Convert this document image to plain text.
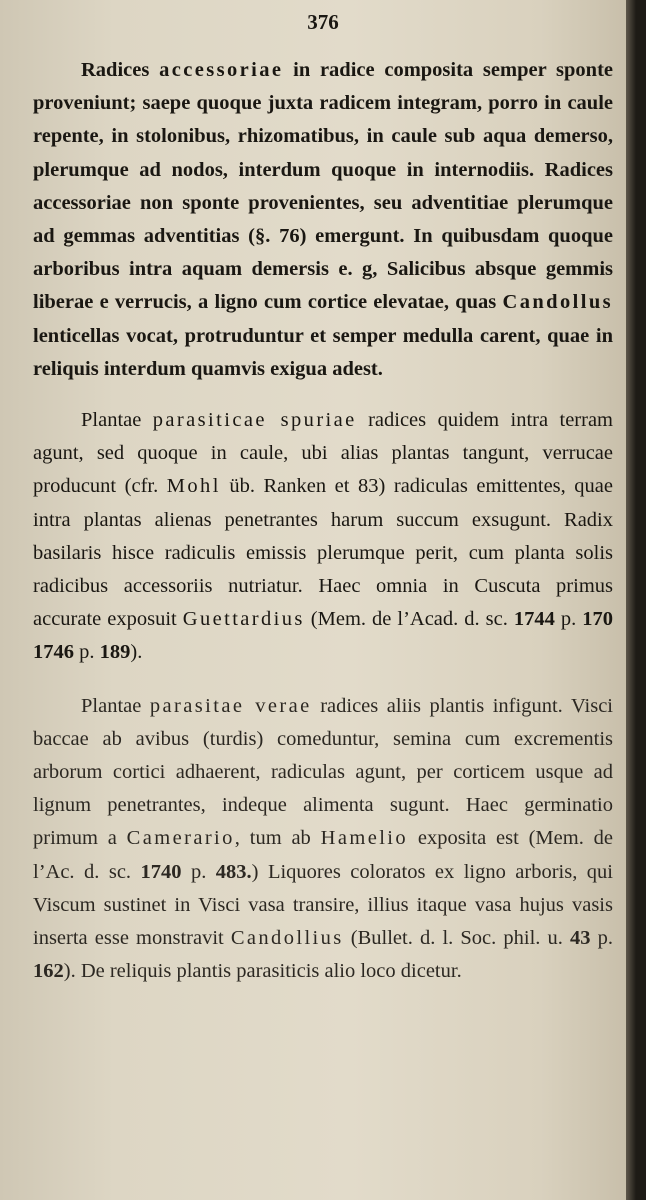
376

Radices accessoriae in radice composita semper sponte proveniunt; saepe quoque juxta radicem integram, porro in caule repente, in stolonibus, rhizomatibus, in caule sub aqua demerso, plerumque ad nodos, interdum quoque in internodiis. Radices accessoriae non sponte provenientes, seu adventitiae plerumque ad gemmas adventitias (§. 76) emergunt. In quibusdam quoque arboribus intra aquam demersis e. g, Salicibus absque gemmis liberae e verrucis, a ligno cum cortice elevatae, quas Candollus lenticellas vocat, protruduntur et semper medulla carent, quae in reliquis interdum quamvis exigua adest.

Plantae parasiticae spuriae radices quidem intra terram agunt, sed quoque in caule, ubi alias plantas tangunt, verrucae producunt (cfr. Mohl üb. Ranken et 83) radiculas emittentes, quae intra plantas alienas penetrantes harum succum exsugunt. Radix basilaris hisce radiculis emissis plerumque perit, cum planta solis radicibus accessoriis nutriatur. Haec omnia in Cuscuta primus accurate exposuit Guettardius (Mem. de l’Acad. d. sc. 1744 p. 170 1746 p. 189).

Plantae parasitae verae radices aliis plantis infigunt. Visci baccae ab avibus (turdis) comeduntur, semina cum excrementis arborum cortici adhaerent, radiculas agunt, per corticem usque ad lignum penetrantes, indeque alimenta sugunt. Haec germinatio primum a Camerario, tum ab Hamelio exposita est (Mem. de l’Ac. d. sc. 1740 p. 483.) Liquores coloratos ex ligno arboris, qui Viscum sustinet in Visci vasa transire, illius itaque vasa hujus vasis inserta esse monstravit Candollius (Bullet. d. l. Soc. phil. u. 43 p. 162). De reliquis plantis parasiticis alio loco dicetur.
